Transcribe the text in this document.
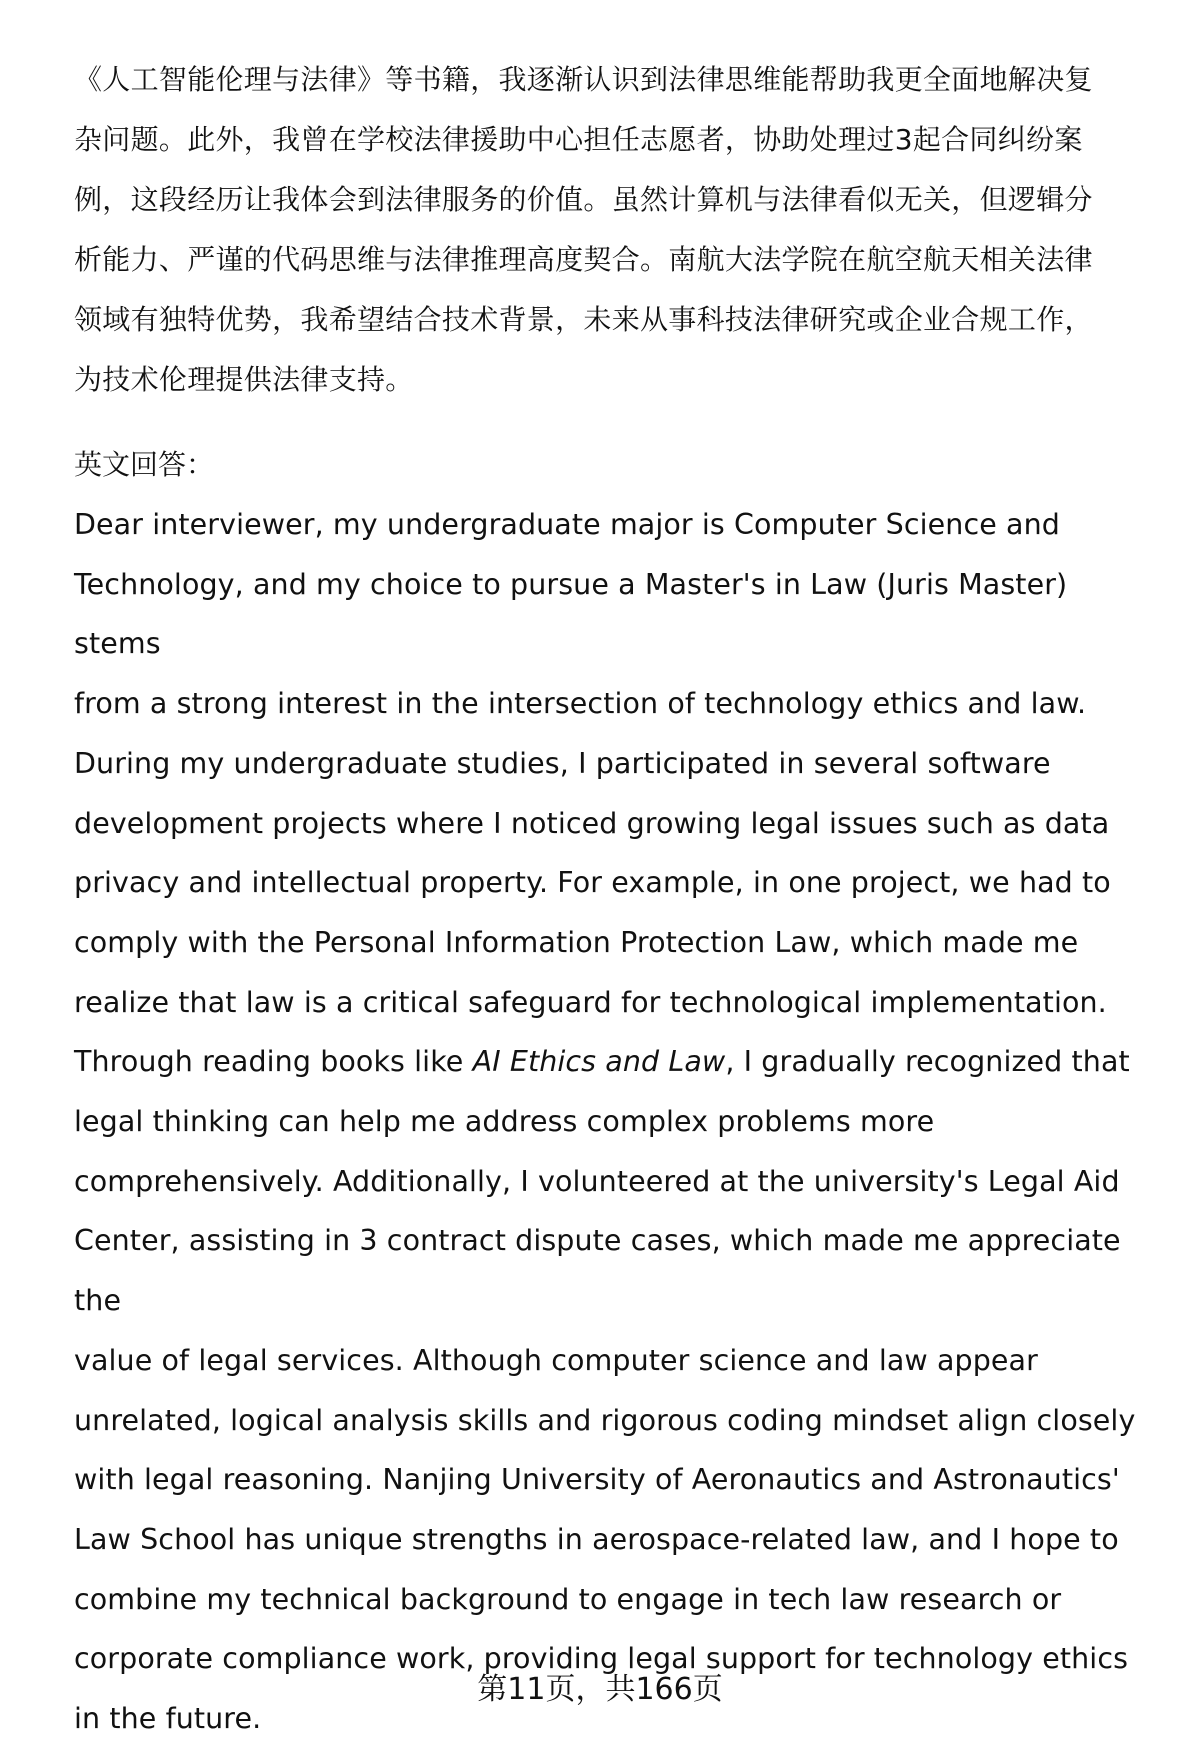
《人工智能伦理与法律》等书籍，我逐渐认识到法律思维能帮助我更全面地解决复

杂问题。此外，我曾在学校法律援助中心担任志愿者，协助处理过3起合同纠纷案

例，这段经历让我体会到法律服务的价值。虽然计算机与法律看似无关，但逻辑分

析能力、严谨的代码思维与法律推理高度契合。南航大法学院在航空航天相关法律

领域有独特优势，我希望结合技术背景，未来从事科技法律研究或企业合规工作，

为技术伦理提供法律支持。

英文回答：

Dear interviewer, my undergraduate major is Computer Science and

Technology, and my choice to pursue a Master's in Law (Juris Master) stems

from a strong interest in the intersection of technology ethics and law.

During my undergraduate studies, I participated in several software

development projects where I noticed growing legal issues such as data

privacy and intellectual property. For example, in one project, we had to

comply with the Personal Information Protection Law, which made me

realize that law is a critical safeguard for technological implementation.

Through reading books like AI Ethics and Law, I gradually recognized that

legal thinking can help me address complex problems more

comprehensively. Additionally, I volunteered at the university's Legal Aid

Center, assisting in 3 contract dispute cases, which made me appreciate the

value of legal services. Although computer science and law appear

unrelated, logical analysis skills and rigorous coding mindset align closely

with legal reasoning. Nanjing University of Aeronautics and Astronautics'

Law School has unique strengths in aerospace-related law, and I hope to

combine my technical background to engage in tech law research or

corporate compliance work, providing legal support for technology ethics

in the future.

第11页，共166页
